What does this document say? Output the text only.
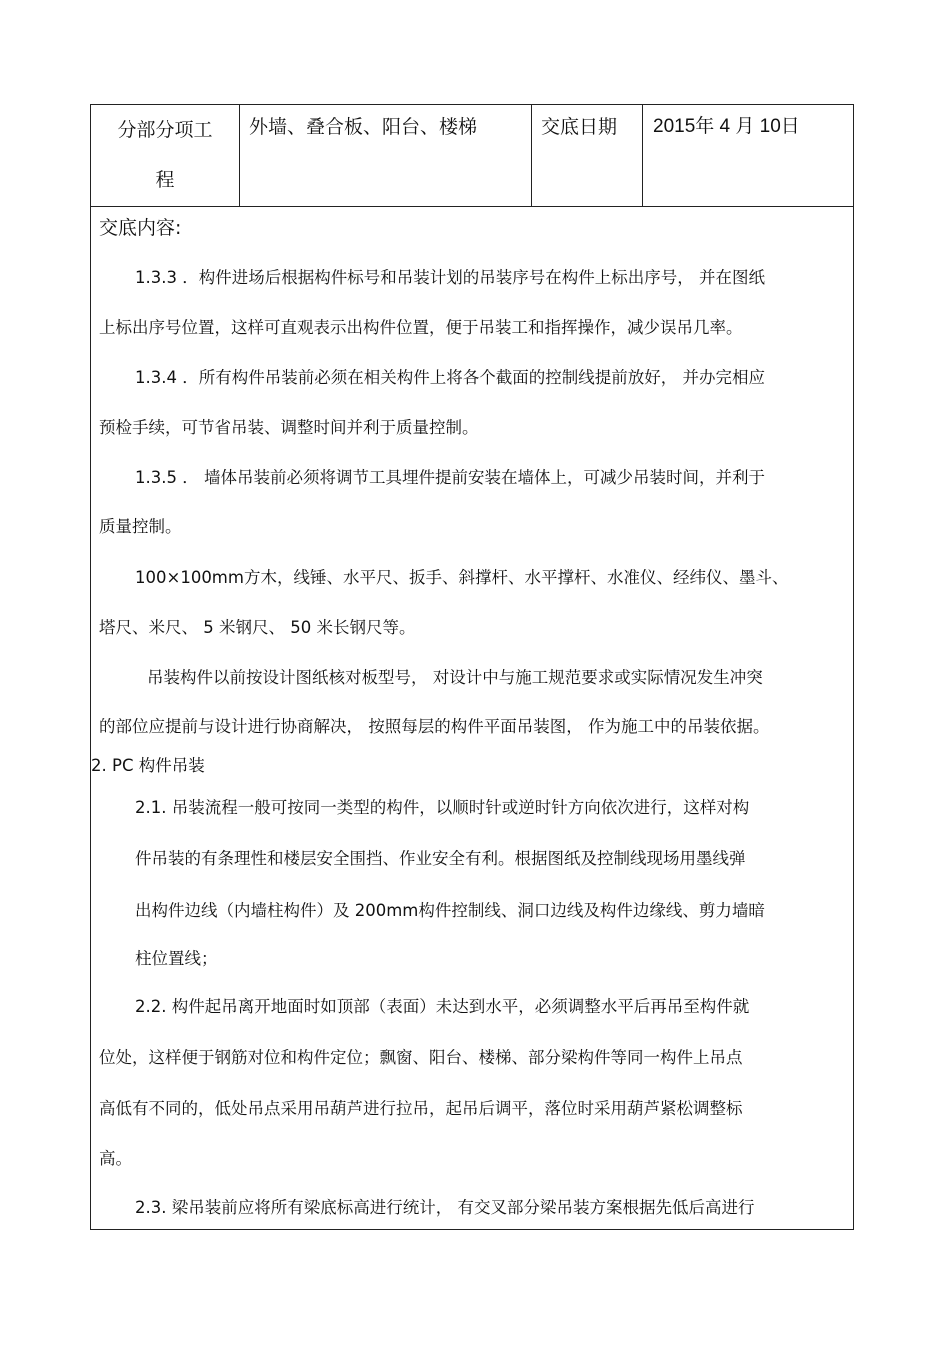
分部分项工
程
外墙、叠合板、阳台、楼梯	交底日期	2015年 4 月 10日
交底内容:
1.3.3 ．构件进场后根据构件标号和吊装计划的吊装序号在构件上标出序号， 并在图纸
上标出序号位置，这样可直观表示出构件位置，便于吊装工和指挥操作，减少误吊几率。
1.3.4 ．所有构件吊装前必须在相关构件上将各个截面的控制线提前放好， 并办完相应
预检手续，可节省吊装、调整时间并利于质量控制。
1.3.5 ． 墙体吊装前必须将调节工具埋件提前安装在墙体上，可减少吊装时间，并利于
质量控制。
100×100mm方木，线锤、水平尺、扳手、斜撑杆、水平撑杆、水准仪、经纬仪、墨斗、
塔尺、米尺、 5 米钢尺、 50 米长钢尺等。
吊装构件以前按设计图纸核对板型号， 对设计中与施工规范要求或实际情况发生冲突
的部位应提前与设计进行协商解决， 按照每层的构件平面吊装图， 作为施工中的吊装依据。
2. PC 构件吊装
2.1. 吊装流程一般可按同一类型的构件，以顺时针或逆时针方向依次进行，这样对构
件吊装的有条理性和楼层安全围挡、作业安全有利。根据图纸及控制线现场用墨线弹
出构件边线（内墙柱构件）及 200mm构件控制线、洞口边线及构件边缘线、剪力墙暗
柱位置线；
2.2. 构件起吊离开地面时如顶部（表面）未达到水平，必须调整水平后再吊至构件就
位处，这样便于钢筋对位和构件定位；飘窗、阳台、楼梯、部分梁构件等同一构件上吊点
高低有不同的，低处吊点采用吊葫芦进行拉吊，起吊后调平，落位时采用葫芦紧松调整标
高。
2.3. 梁吊装前应将所有梁底标高进行统计， 有交叉部分梁吊装方案根据先低后高进行
